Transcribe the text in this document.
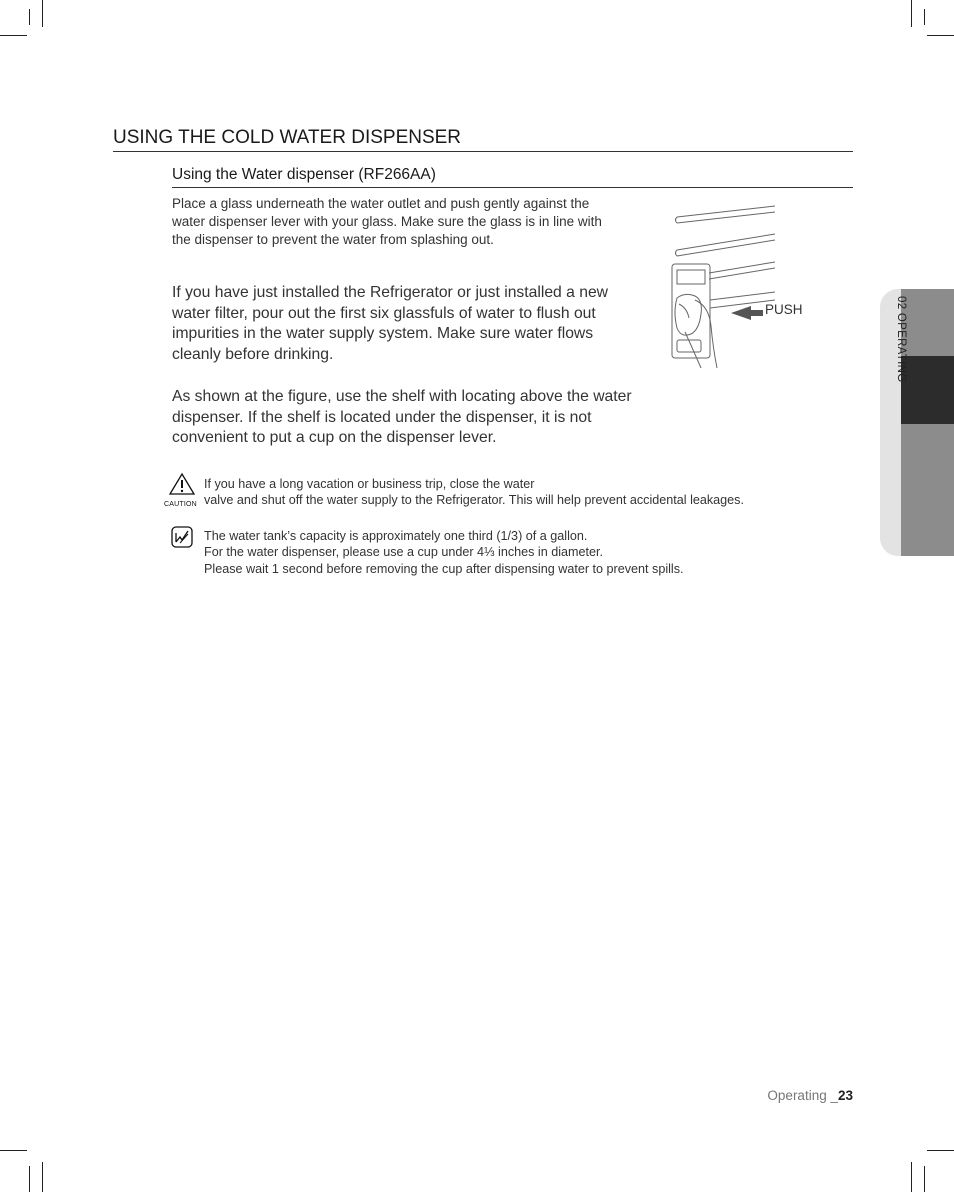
USING THE COLD WATER DISPENSER
Using the Water dispenser (RF266AA)
Place a glass underneath the water outlet and push gently against the water dispenser lever with your glass. Make sure the glass is in line with the dispenser to prevent the water from splashing out.
If you have just installed the Refrigerator or just installed a new water filter, pour out the first six glassfuls of water to flush out impurities in the water supply system. Make sure water flows cleanly before drinking.
As shown at the figure, use the shelf with locating above the water dispenser. If the shelf is located under the dispenser, it is not convenient to put a cup on the dispenser lever.
PUSH
CAUTION
If you have a long vacation or business trip, close the water
valve and shut off the water supply to the Refrigerator. This will help prevent accidental leakages.
The water tank’s capacity is approximately one third (1/3) of a gallon.
For the water dispenser, please use a cup under 4⅓ inches in diameter.
Please wait 1 second before removing the cup after dispensing water to prevent spills.
02 OPERATING
Operating _23
